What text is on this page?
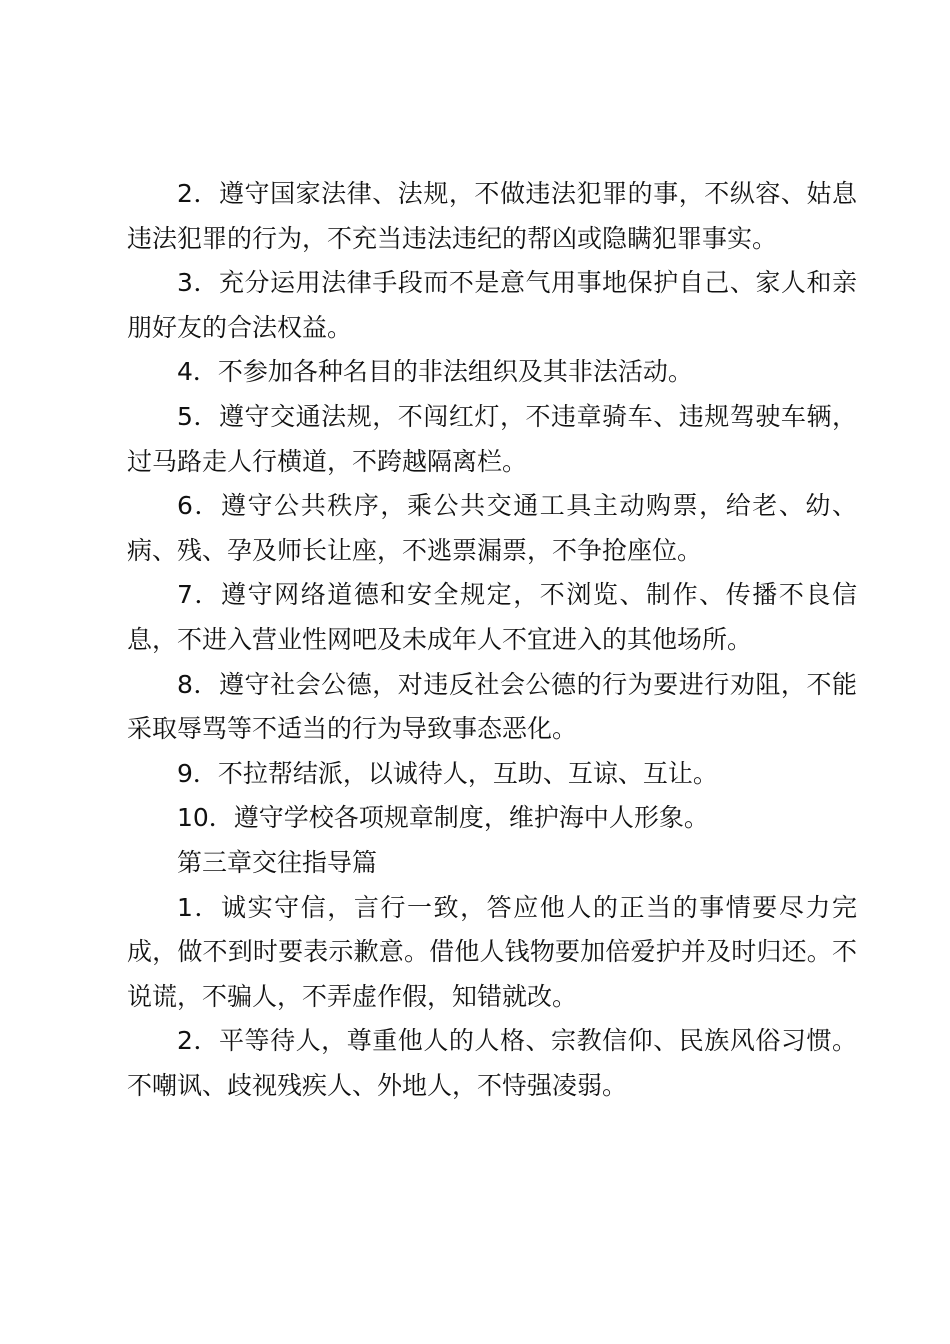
2．遵守国家法律、法规，不做违法犯罪的事，不纵容、姑息违法犯罪的行为，不充当违法违纪的帮凶或隐瞒犯罪事实。

3．充分运用法律手段而不是意气用事地保护自己、家人和亲朋好友的合法权益。

4．不参加各种名目的非法组织及其非法活动。

5．遵守交通法规，不闯红灯，不违章骑车、违规驾驶车辆，过马路走人行横道，不跨越隔离栏。

6．遵守公共秩序，乘公共交通工具主动购票，给老、幼、病、残、孕及师长让座，不逃票漏票，不争抢座位。

7．遵守网络道德和安全规定，不浏览、制作、传播不良信息，不进入营业性网吧及未成年人不宜进入的其他场所。

8．遵守社会公德，对违反社会公德的行为要进行劝阻，不能采取辱骂等不适当的行为导致事态恶化。

9．不拉帮结派，以诚待人，互助、互谅、互让。

10．遵守学校各项规章制度，维护海中人形象。

第三章交往指导篇

1．诚实守信，言行一致，答应他人的正当的事情要尽力完成，做不到时要表示歉意。借他人钱物要加倍爱护并及时归还。不说谎，不骗人，不弄虚作假，知错就改。

2．平等待人，尊重他人的人格、宗教信仰、民族风俗习惯。不嘲讽、歧视残疾人、外地人，不恃强凌弱。
